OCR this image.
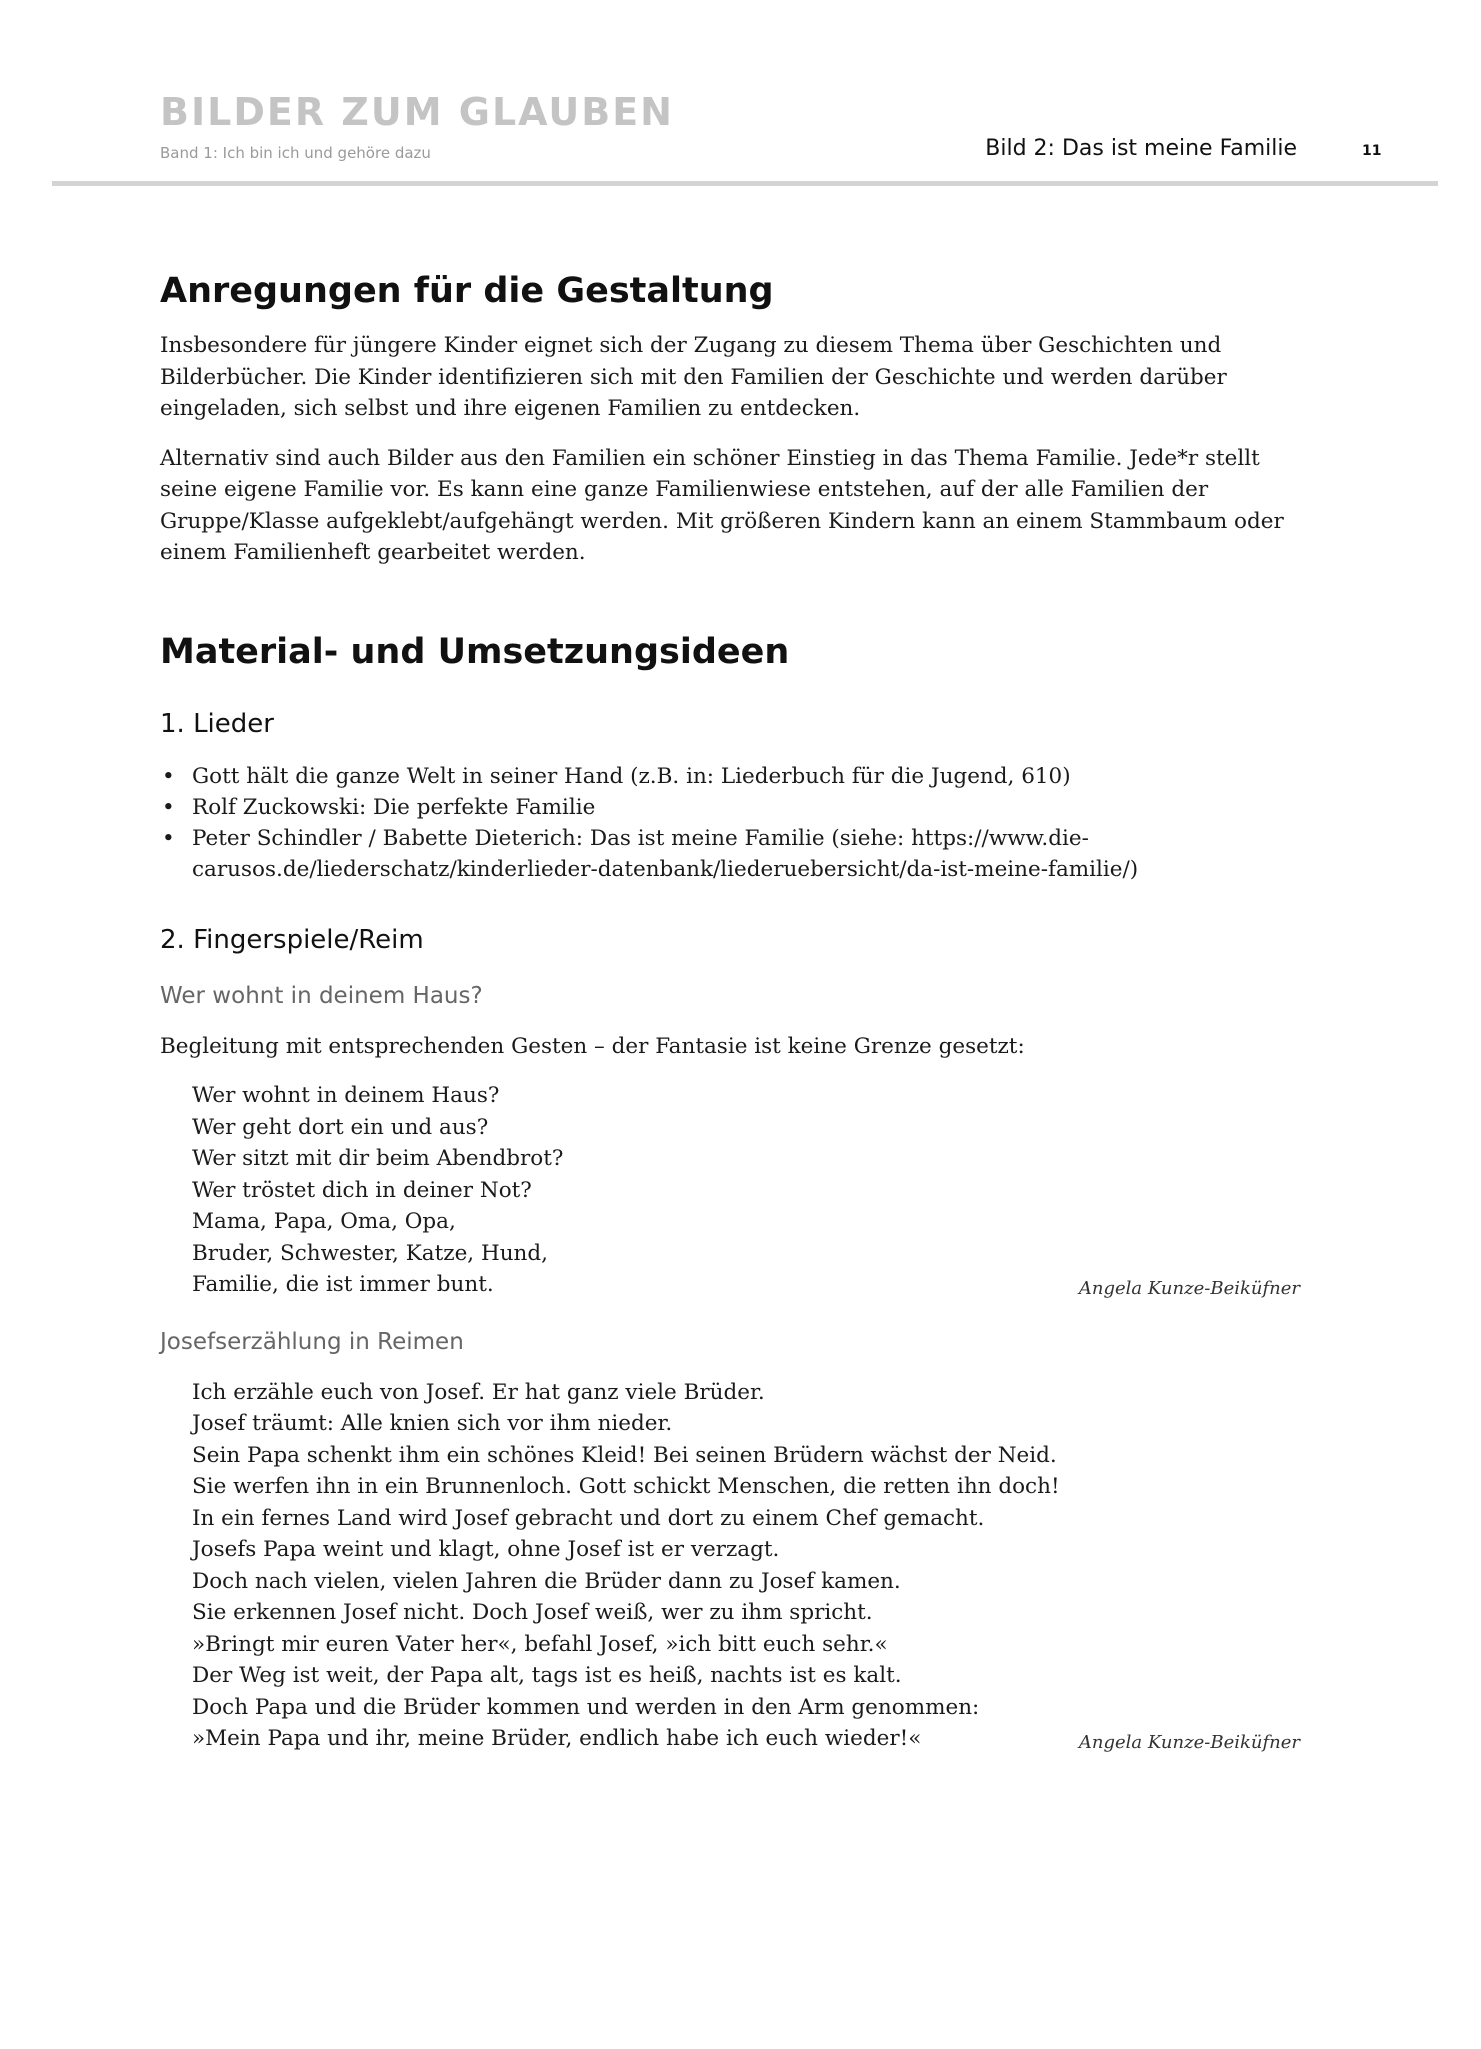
BILDER ZUM GLAUBEN
Band 1: Ich bin ich und gehöre dazu	Bild 2: Das ist meine Familie	11
Anregungen für die Gestaltung

Insbesondere für jüngere Kinder eignet sich der Zugang zu diesem Thema über Geschichten und Bilderbücher. Die Kinder identifizieren sich mit den Familien der Geschichte und werden darüber eingeladen, sich selbst und ihre eigenen Familien zu entdecken.

Alternativ sind auch Bilder aus den Familien ein schöner Einstieg in das Thema Familie. Jede*r stellt seine eigene Familie vor. Es kann eine ganze Familienwiese entstehen, auf der alle Familien der Gruppe/Klasse aufgeklebt/aufgehängt werden. Mit größeren Kindern kann an einem Stammbaum oder einem Familienheft gearbeitet werden.

Material- und Umsetzungsideen
1. Lieder
• Gott hält die ganze Welt in seiner Hand (z.B. in: Liederbuch für die Jugend, 610)
• Rolf Zuckowski: Die perfekte Familie
• Peter Schindler / Babette Dieterich: Das ist meine Familie (siehe: https://www.die-carusos.de/liederschatz/kinderlieder-datenbank/liederuebersicht/da-ist-meine-familie/)
2. Fingerspiele/Reim
Wer wohnt in deinem Haus?

Begleitung mit entsprechenden Gesten – der Fantasie ist keine Grenze gesetzt:

Wer wohnt in deinem Haus?
Wer geht dort ein und aus?
Wer sitzt mit dir beim Abendbrot?
Wer tröstet dich in deiner Not?
Mama, Papa, Oma, Opa,
Bruder, Schwester, Katze, Hund,
Familie, die ist immer bunt.	Angela Kunze-Beiküfner
Josefserzählung in Reimen
Ich erzähle euch von Josef. Er hat ganz viele Brüder.
Josef träumt: Alle knien sich vor ihm nieder.
Sein Papa schenkt ihm ein schönes Kleid! Bei seinen Brüdern wächst der Neid.
Sie werfen ihn in ein Brunnenloch. Gott schickt Menschen, die retten ihn doch!
In ein fernes Land wird Josef gebracht und dort zu einem Chef gemacht.
Josefs Papa weint und klagt, ohne Josef ist er verzagt.
Doch nach vielen, vielen Jahren die Brüder dann zu Josef kamen.
Sie erkennen Josef nicht. Doch Josef weiß, wer zu ihm spricht.
»Bringt mir euren Vater her«, befahl Josef, »ich bitt euch sehr.«
Der Weg ist weit, der Papa alt, tags ist es heiß, nachts ist es kalt.
Doch Papa und die Brüder kommen und werden in den Arm genommen:
»Mein Papa und ihr, meine Brüder, endlich habe ich euch wieder!«	Angela Kunze-Beiküfner
